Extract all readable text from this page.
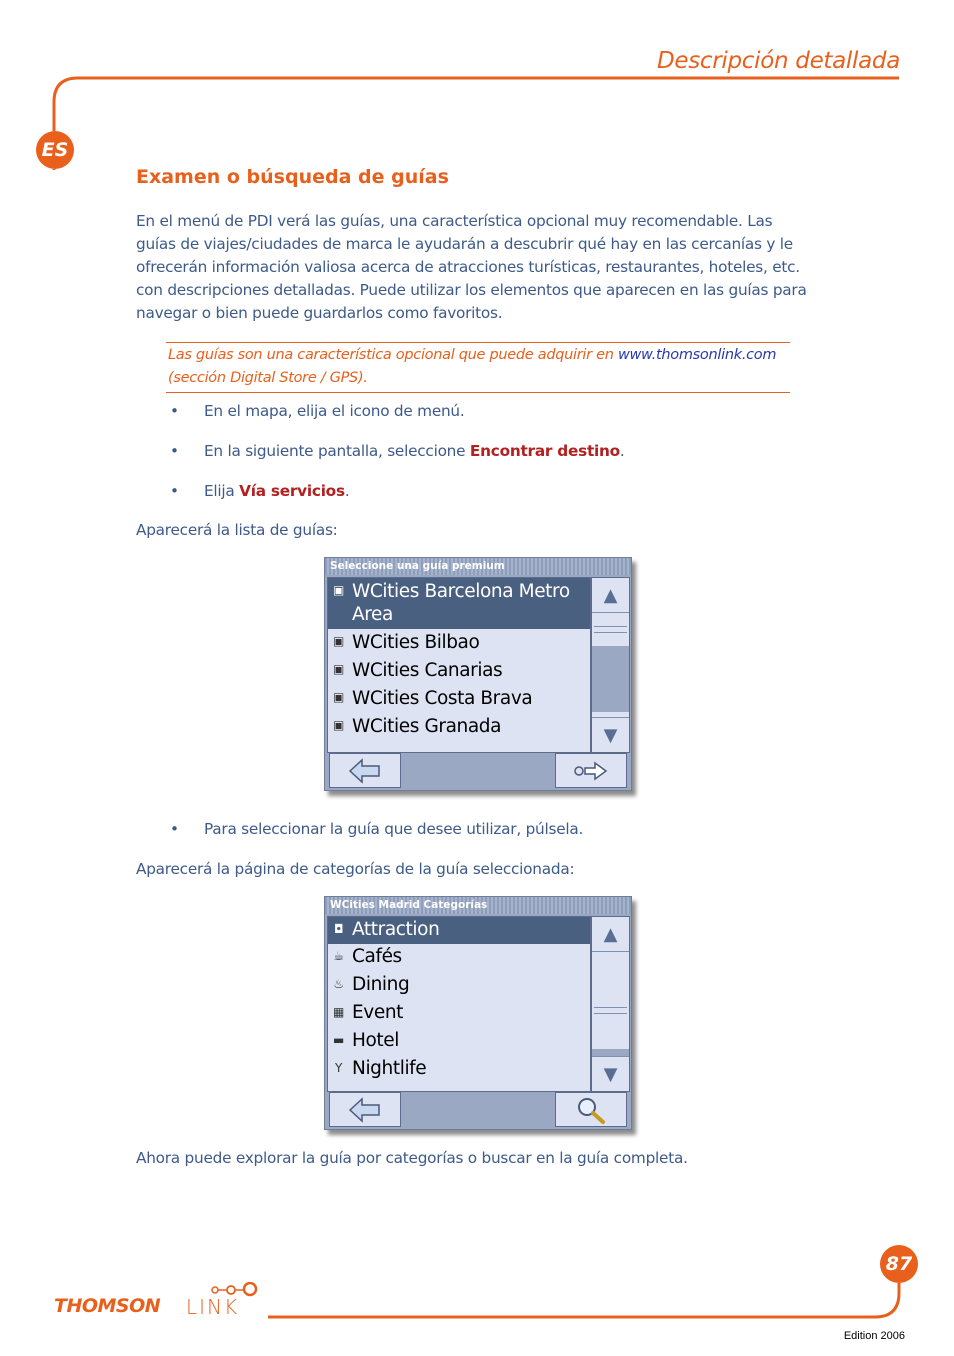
Descripción detallada
ES
Examen o búsqueda de guías

En el menú de PDI verá las guías, una característica opcional muy recomendable. Las guías de viajes/ciudades de marca le ayudarán a descubrir qué hay en las cercanías y le ofrecerán información valiosa acerca de atracciones turísticas, restaurantes, hoteles, etc. con descripciones detalladas. Puede utilizar los elementos que aparecen en las guías para navegar o bien puede guardarlos como favoritos.

Las guías son una característica opcional que puede adquirir en www.thomsonlink.com (sección Digital Store / GPS).
• En el mapa, elija el icono de menú.
• En la siguiente pantalla, seleccione Encontrar destino.
• Elija Vía servicios.
Aparecerá la lista de guías:
Seleccione una guía premium
▣ WCities Barcelona Metro Area
▣ WCities Bilbao
▣ WCities Canarias
▣ WCities Costa Brava
▣ WCities Granada
▲
▼
• Para seleccionar la guía que desee utilizar, púlsela.
Aparecerá la página de categorías de la guía seleccionada:
WCities Madrid Categorías
◘ Attraction
☕ Cafés
♨ Dining
▦ Event
▬ Hotel
Y Nightlife
▲
▼
Ahora puede explorar la guía por categorías o buscar en la guía completa.
87
THOMSON LINK
Edition 2006
